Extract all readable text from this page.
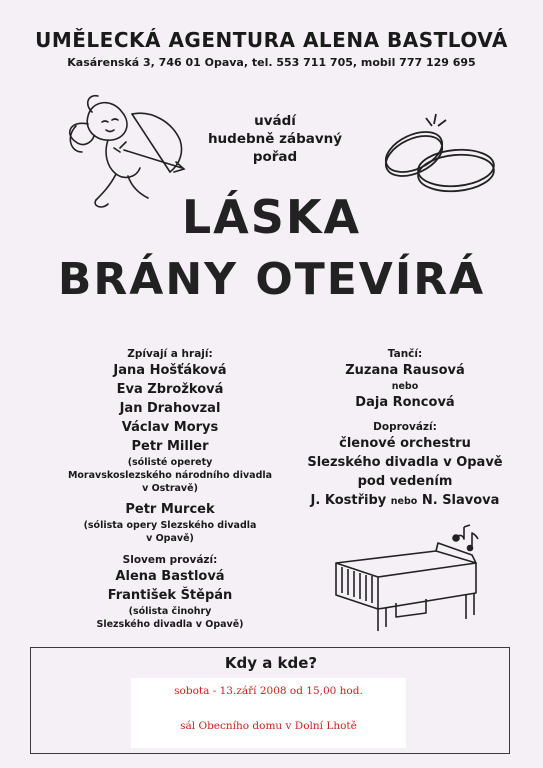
UMĚLECKÁ AGENTURA ALENA BASTLOVÁ
Kasárenská 3, 746 01 Opava, tel. 553 711 705, mobil 777 129 695
uvádí
hudebně zábavný
pořad
LÁSKA
BRÁNY OTEVÍRÁ
Zpívají a hrají:
Jana Hošťáková
Eva Zbrožková
Jan Drahovzal
Václav Morys
Petr Miller
(sólisté operety
Moravskoslezského národního divadla
v Ostravě)
Petr Murcek
(sólista opery Slezského divadla
v Opavě)
Slovem provází:
Alena Bastlová
František Štěpán
(sólista činohry
Slezského divadla v Opavě)
Tančí:
Zuzana Rausová
nebo
Daja Roncová
Doprovází:
členové orchestru
Slezského divadla v Opavě
pod vedením
J. Kostřiby nebo N. Slavova
Kdy a kde?
sobota - 13.září 2008 od 15,00 hod.
sál Obecního domu v Dolní Lhotě
